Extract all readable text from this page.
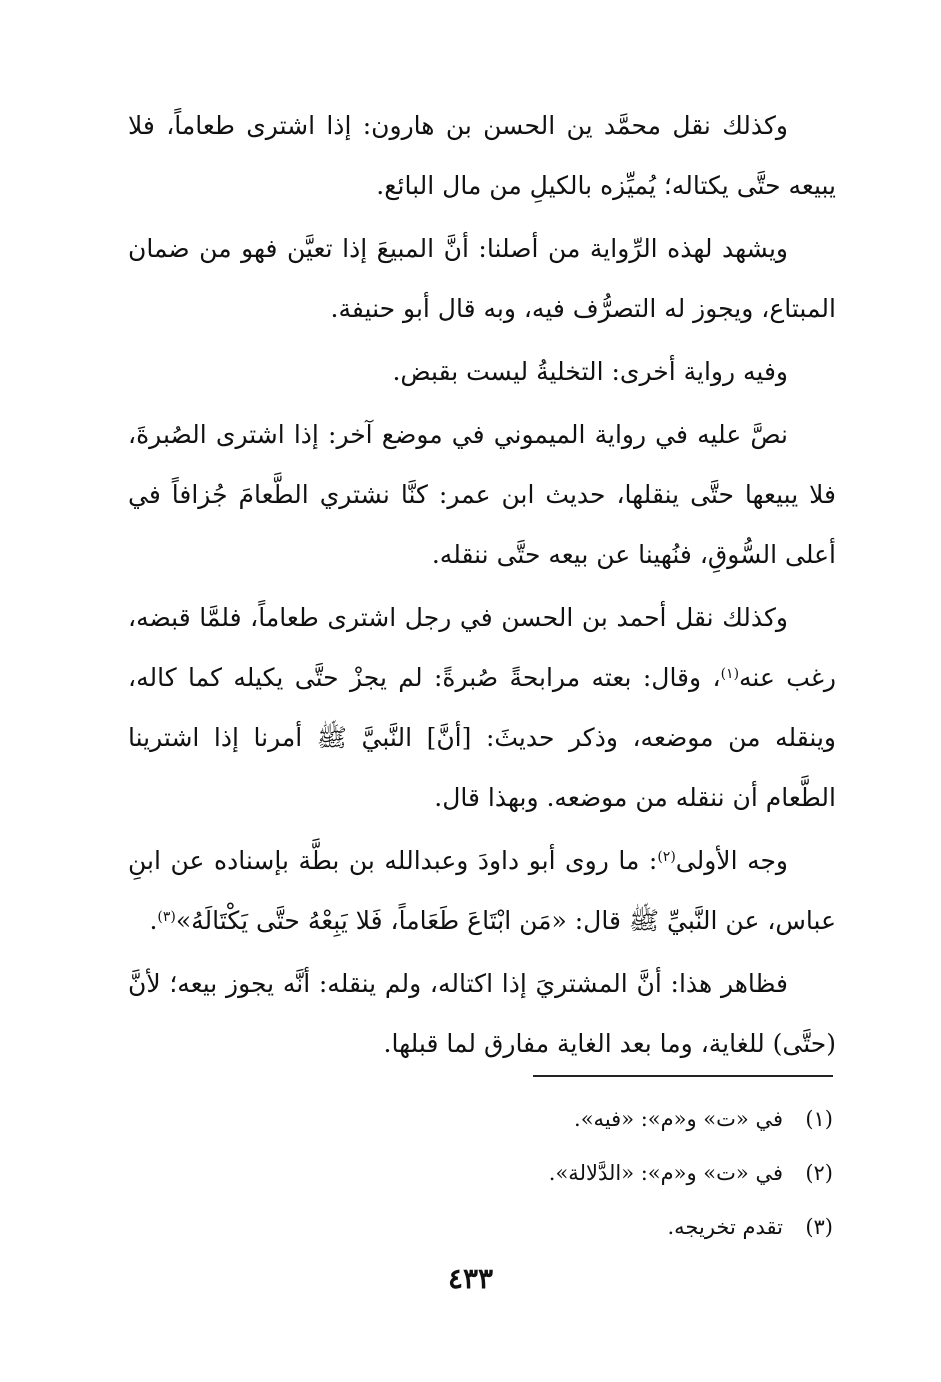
وكذلك نقل محمَّد ين الحسن بن هارون: إذا اشترى طعاماً، فلا يبيعه حتَّى يكتاله؛ يُميِّزه بالكيلِ من مال البائع.

ويشهد لهذه الرِّواية من أصلنا: أنَّ المبيعَ إذا تعيَّن فهو من ضمان المبتاع، ويجوز له التصرُّف فيه، وبه قال أبو حنيفة.

وفيه رواية أخرى: التخليةُ ليست بقبض.

نصَّ عليه في رواية الميموني في موضع آخر: إذا اشترى الصُبرةَ، فلا يبيعها حتَّى ينقلها، حديث ابن عمر: كنَّا نشتري الطَّعامَ جُزافاً في أعلى السُّوقِ، فنُهينا عن بيعه حتَّى ننقله.

وكذلك نقل أحمد بن الحسن في رجل اشترى طعاماً، فلمَّا قبضه، رغب عنه$^{(١)}$، وقال: بعته مرابحةً صُبرةً: لم يجزْ حتَّى يكيله كما كاله، وينقله من موضعه، وذكر حديثَ: [أنَّ] النَّبيَّ ﷺ أمرنا إذا اشترينا الطَّعام أن ننقله من موضعه. وبهذا قال.

وجه الأولى$^{(٢)}$: ما روى أبو داودَ وعبدالله بن بطَّة بإسناده عن ابنِ عباس، عن النَّبيِّ ﷺ قال: «مَن ابْتَاعَ طَعَاماً، فَلا يَبِعْهُ حتَّى يَكْتَالَهُ»$^{(٣)}$.

فظاهر هذا: أنَّ المشتريَ إذا اكتاله، ولم ينقله: أنَّه يجوز بيعه؛ لأنَّ (حتَّى) للغاية، وما بعد الغاية مفارق لما قبلها.

(١)
في «ت» و«م»: «فيه».
(٢)
في «ت» و«م»: «الدَّلالة».
(٣)
تقدم تخريجه.
٤٣٣
